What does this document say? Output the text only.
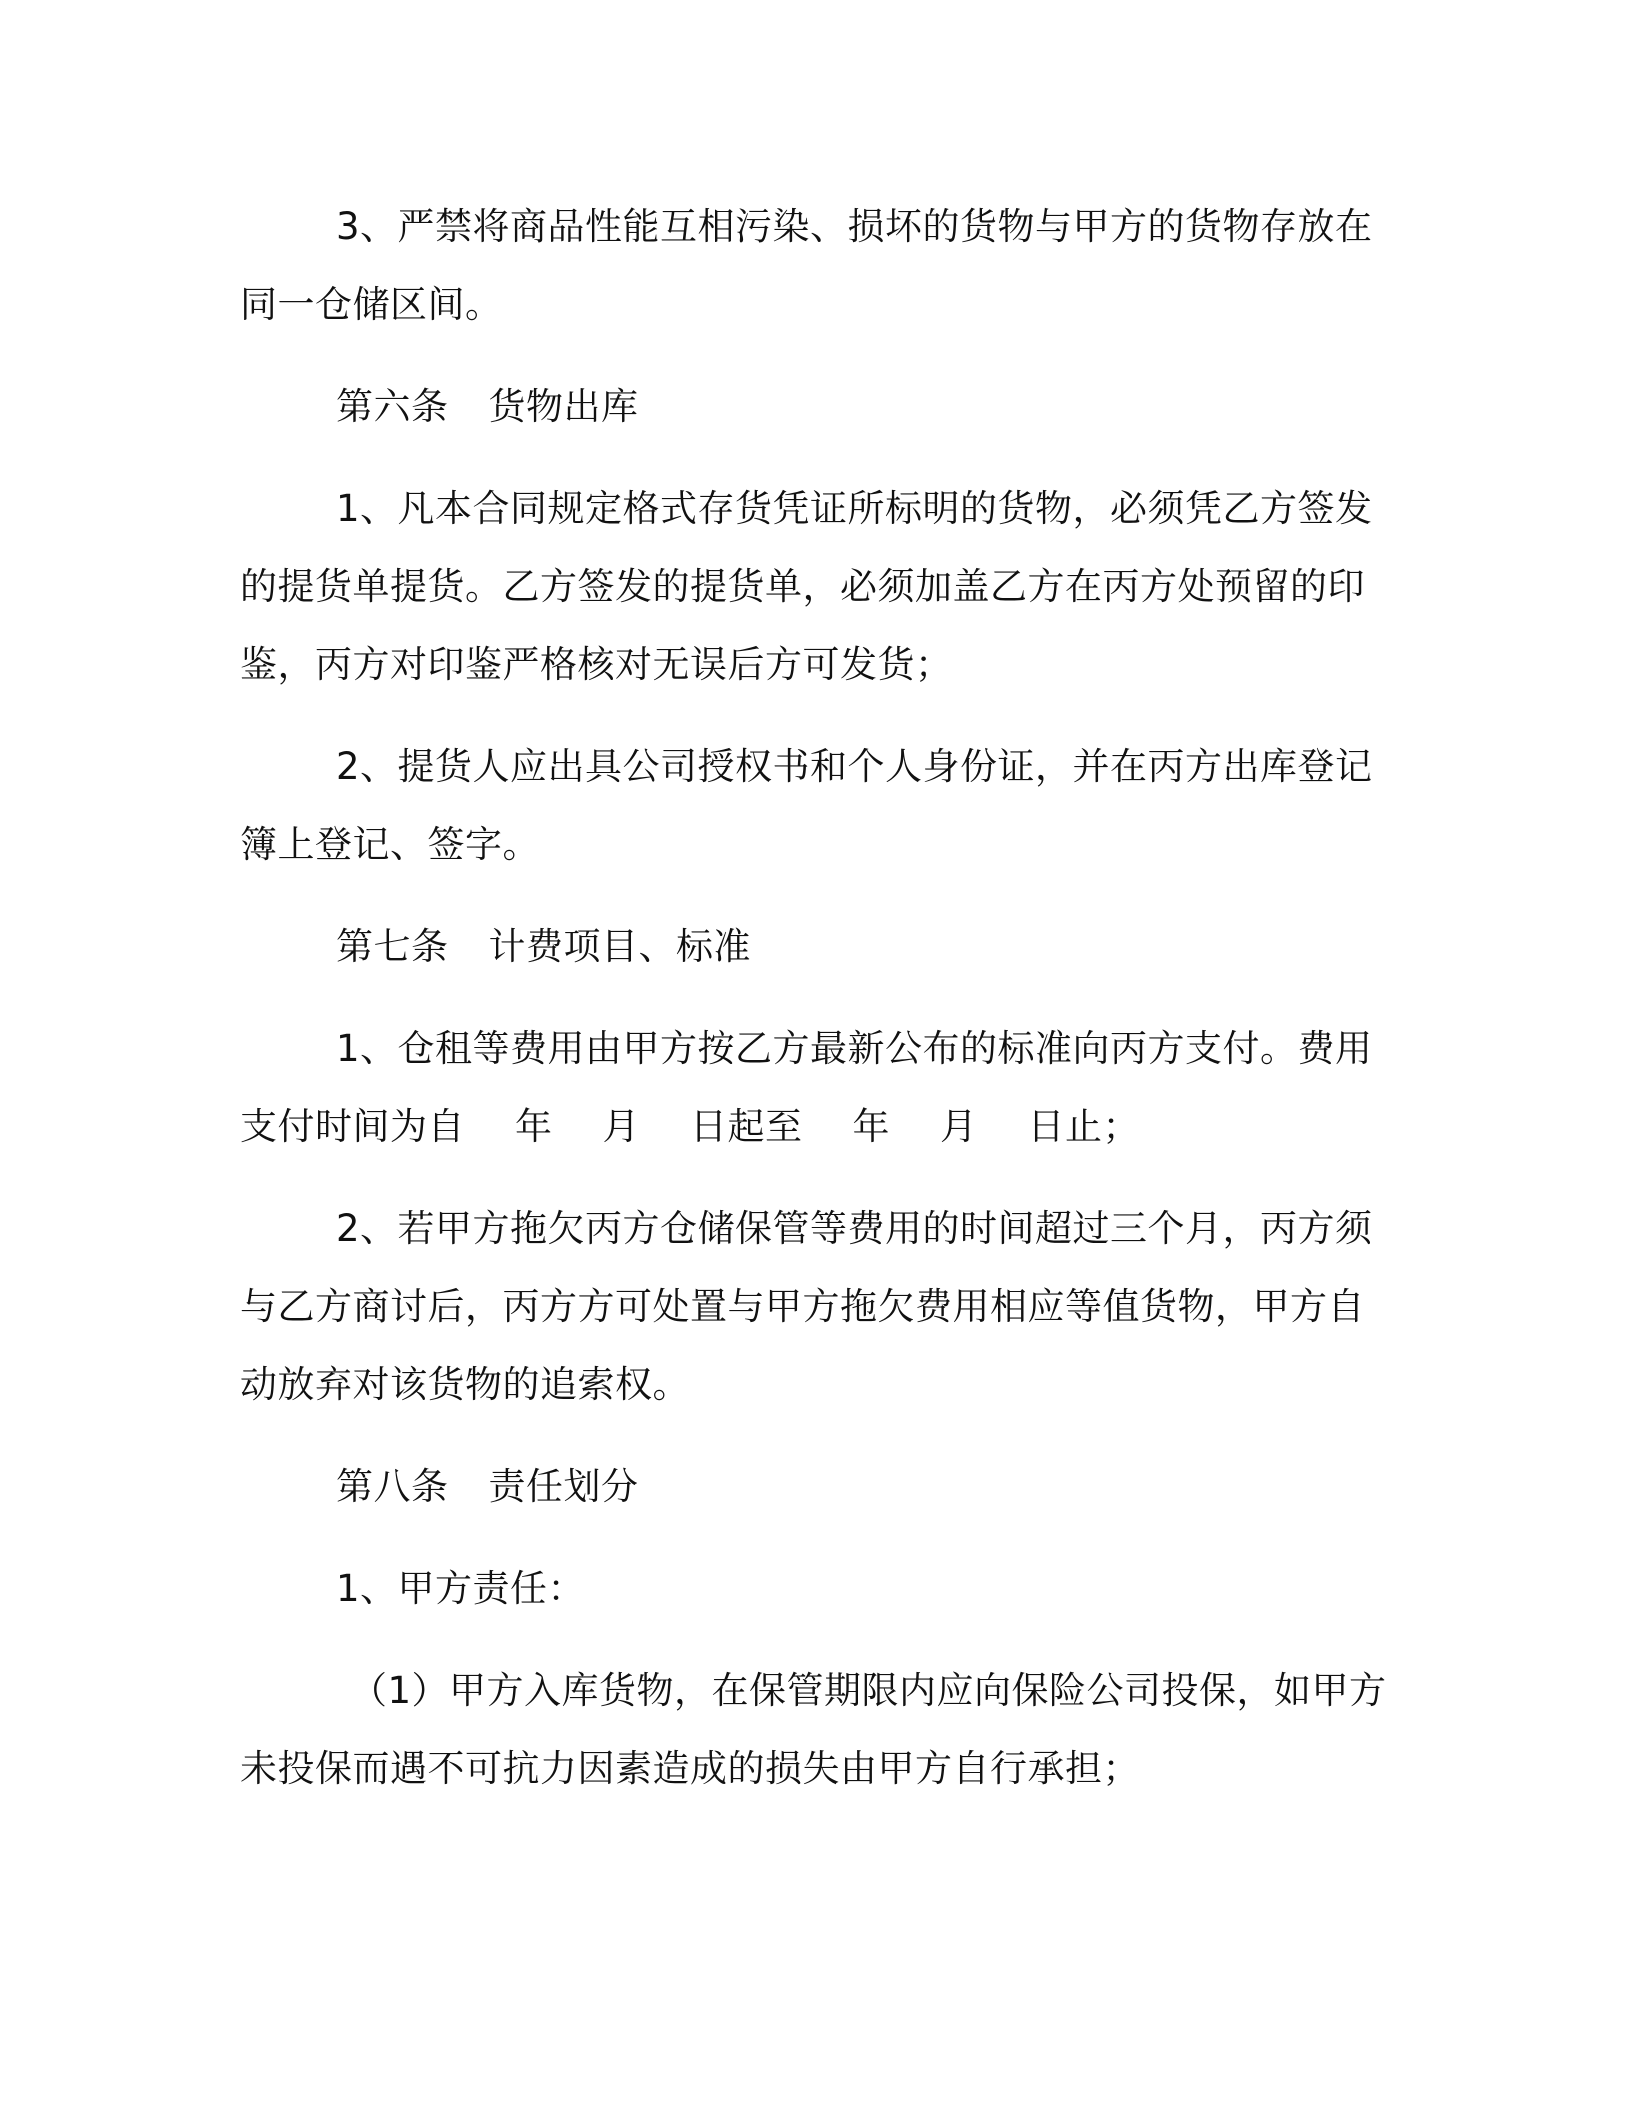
3、严禁将商品性能互相污染、损坏的货物与甲方的货物存放在
同一仓储区间。
第六条 货物出库
1、凡本合同规定格式存货凭证所标明的货物，必须凭乙方签发
的提货单提货。乙方签发的提货单，必须加盖乙方在丙方处预留的印
鉴，丙方对印鉴严格核对无误后方可发货；
2、提货人应出具公司授权书和个人身份证，并在丙方出库登记
簿上登记、签字。
第七条 计费项目、标准
1、仓租等费用由甲方按乙方最新公布的标准向丙方支付。费用
支付时间为自 年 月 日起至 年 月 日止；
2、若甲方拖欠丙方仓储保管等费用的时间超过三个月，丙方须
与乙方商讨后，丙方方可处置与甲方拖欠费用相应等值货物，甲方自
动放弃对该货物的追索权。
第八条 责任划分
1、甲方责任：
（1）甲方入库货物，在保管期限内应向保险公司投保，如甲方
未投保而遇不可抗力因素造成的损失由甲方自行承担；
